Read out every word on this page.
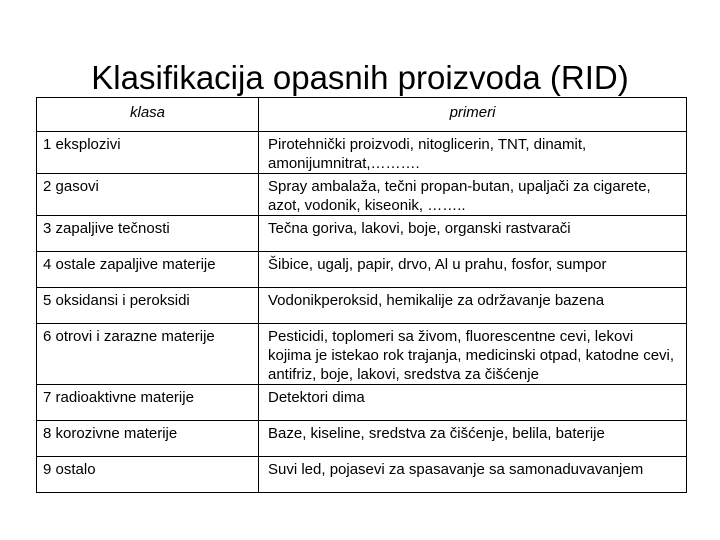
Klasifikacija opasnih proizvoda (RID)
klasa	primeri
1 eksplozivi	Pirotehnički proizvodi, nitoglicerin, TNT, dinamit, amonijumnitrat,……….
2 gasovi	Spray ambalaža, tečni propan-butan, upaljači za cigarete, azot, vodonik, kiseonik, ……..
3 zapaljive tečnosti	Tečna goriva, lakovi, boje, organski rastvarači
4 ostale zapaljive materije	Šibice, ugalj, papir, drvo, Al u prahu, fosfor, sumpor
5 oksidansi i peroksidi	Vodonikperoksid, hemikalije za održavanje bazena
6 otrovi i zarazne materije	Pesticidi, toplomeri sa živom, fluorescentne cevi, lekovi kojima je istekao rok trajanja, medicinski otpad, katodne cevi, antifriz, boje, lakovi, sredstva za čišćenje
7 radioaktivne materije	Detektori dima
8 korozivne materije	Baze, kiseline, sredstva za čišćenje, belila, baterije
9 ostalo	Suvi led, pojasevi za spasavanje sa samonaduvavanjem
